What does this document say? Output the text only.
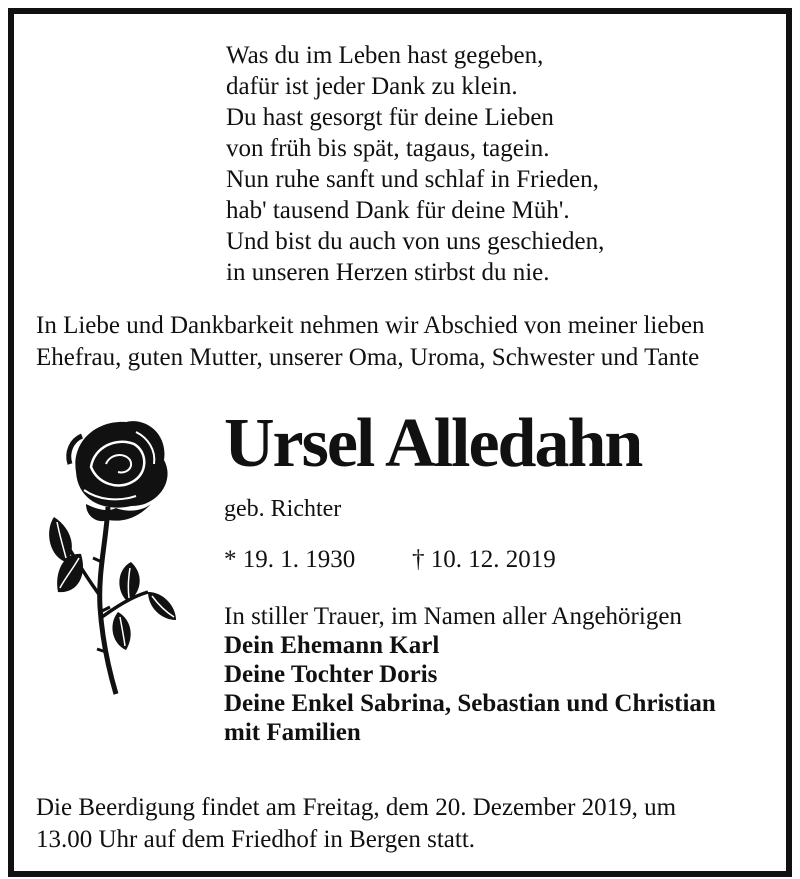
Was du im Leben hast gegeben,
dafür ist jeder Dank zu klein.
Du hast gesorgt für deine Lieben
von früh bis spät, tagaus, tagein.
Nun ruhe sanft und schlaf in Frieden,
hab' tausend Dank für deine Müh'.
Und bist du auch von uns geschieden,
in unseren Herzen stirbst du nie.
In Liebe und Dankbarkeit nehmen wir Abschied von meiner lieben
Ehefrau, guten Mutter, unserer Oma, Uroma, Schwester und Tante
Ursel Alledahn
geb. Richter
* 19. 1. 1930 † 10. 12. 2019
In stiller Trauer, im Namen aller Angehörigen
Dein Ehemann Karl
Deine Tochter Doris
Deine Enkel Sabrina, Sebastian und Christian
mit Familien
Die Beerdigung findet am Freitag, dem 20. Dezember 2019, um
13.00 Uhr auf dem Friedhof in Bergen statt.
